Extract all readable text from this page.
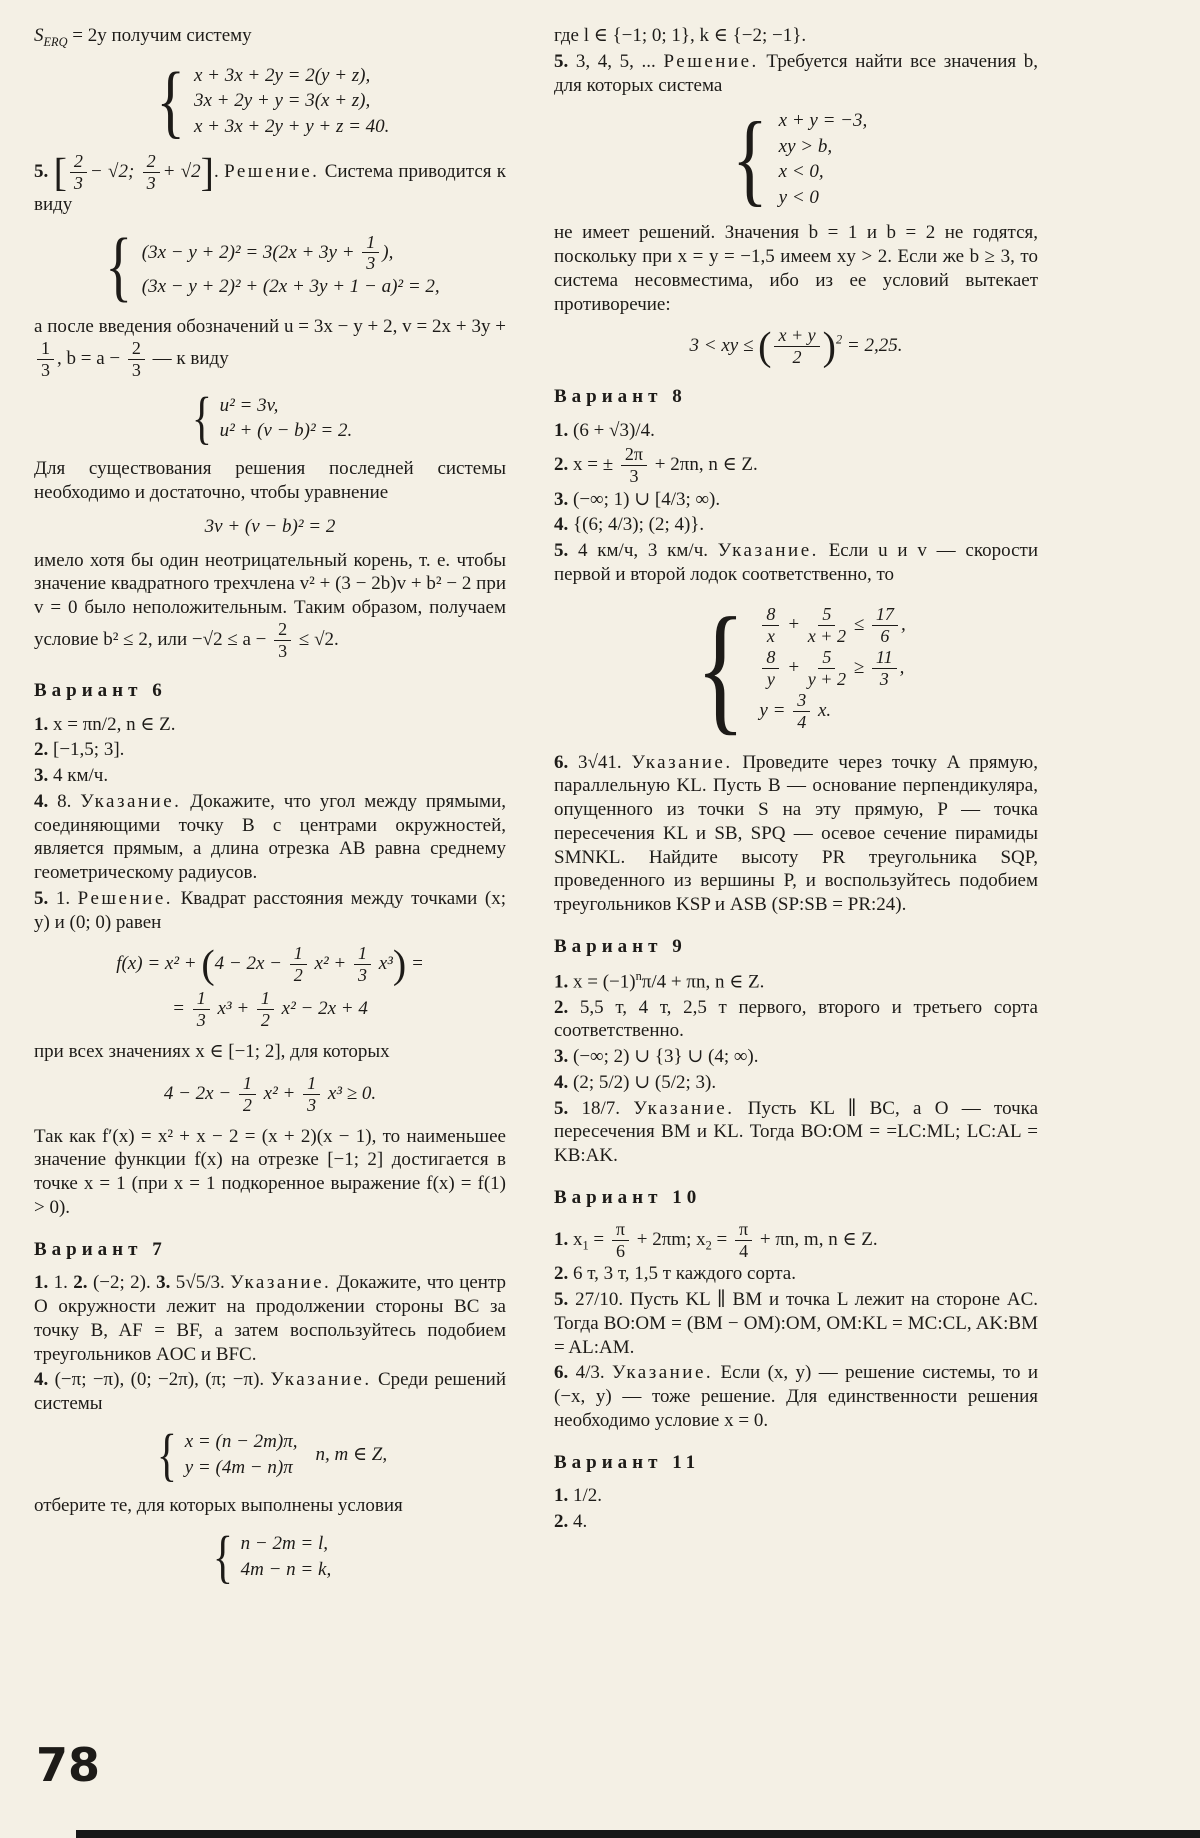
$S_{ERQ} = 2y$ получим систему

{ x + 3x + 2y = 2(y + z),
3x + 2y + y = 3(x + z),
x + 3x + 2y + y + z = 40.

5. [ $\frac{2}{3} - √2$; $\frac{2}{3} + √2$]. Решение. Система приводится к виду

{ $(3x - y + 2)^2 = 3(2x + 3y + \frac{1}{3}$ ),
(3x − y + 2)² + (2x + 3y + 1 − a)² = 2,

а после введения обозначений u = 3x − y + 2, v = 2x + 3y +
$\frac{1}{3}$ , $b = a - \frac{2}{3}$ — к виду

{ u² = 3v,
u² + (v − b)² = 2.

Для существования решения последней системы необходимо и достаточно, чтобы уравнение

3v + (v − b)² = 2

имело хотя бы один неотрицательный корень, т. е. чтобы значение квадратного трехчлена v² + (3 − 2b)v + b² − 2 при v = 0 было неположительным. Таким образом, получаем условие b² ≤ 2, или $-√2 \le a - \frac{2}{3} \le √2$.

Вариант 6

1. x = πn/2, n ∈ Z.

2. [−1,5; 3].

3. 4 км/ч.

4. 8. Указание. Докажите, что угол между прямыми, соединяющими точку B с центрами окружностей, является прямым, а длина отрезка AB равна среднему геометрическому радиусов.

5. 1. Решение. Квадрат расстояния между точками (x; y) и (0; 0) равен

$f(x) = x^2 + (4 - 2x - \frac{1}{2} x^2 + \frac{1}{3} x^3)$ =
= $\frac{1}{3} x^3 + \frac{1}{2} x^2 - 2x + 4$

при всех значениях x ∈ [−1; 2], для которых

$4 - 2x - \frac{1}{2} x^2 + \frac{1}{3} x^3 \ge 0$.

Так как f′(x) = x² + x − 2 = (x + 2)(x − 1), то наименьшее значение функции f(x) на отрезке [−1; 2] достигается в точке x = 1 (при x = 1 подкоренное выражение f(x) = f(1) > 0).

Вариант 7

1. 1. 2. (−2; 2). 3. 5√5/3. Указание. Докажите, что центр O окружности лежит на продолжении стороны BC за точку B, AF = BF, а затем воспользуйтесь подобием треугольников AOC и BFC.

4. (−π; −π), (0; −2π), (π; −π). Указание. Среди решений системы

{ x = (n − 2m)π,
y = (4m − n)π
n, m ∈ Z,

отберите те, для которых выполнены условия

{ n − 2m = l,
4m − n = k,

где l ∈ {−1; 0; 1}, k ∈ {−2; −1}.

5. 3, 4, 5, ... Решение. Требуется найти все значения b, для которых система

{ x + y = −3,
xy > b,
x < 0,
y < 0

не имеет решений. Значения b = 1 и b = 2 не годятся, поскольку при x = y = −1,5 имеем xy > 2. Если же b ≥ 3, то система несовместима, ибо из ее условий вытекает противоречие:

3 < xy ≤ ( $\frac{x + y}{2} )^2 = 2,25$.
Вариант 8

1. (6 + √3)/4.

2. x = ± $\frac{2\pi}{3} + 2\pi n$, n ∈ Z.

3. (−∞; 1) ∪ [4/3; ∞).

4. {(6; 4/3); (2; 4)}.

5. 4 км/ч, 3 км/ч. Указание. Если u и v — скорости первой и второй лодок соответственно, то

{ $\frac{8}{x} + \frac{5}{x + 2} \le \frac{17}{6}$ ,
$\frac{8}{y} + \frac{5}{y + 2} \ge \frac{11}{3}$ ,
$y = \frac{3}{4} x$.

6. 3√41. Указание. Проведите через точку A прямую, параллельную KL. Пусть B — основание перпендикуляра, опущенного из точки S на эту прямую, P — точка пересечения KL и SB, SPQ — осевое сечение пирамиды SMNKL. Найдите высоту PR треугольника SQP, проведенного из вершины P, и воспользуйтесь подобием треугольников KSP и ASB (SP:SB = PR:24).

Вариант 9

1. $x = (-1)^n\pi/4 + \pi n$, n ∈ Z.

2. 5,5 т, 4 т, 2,5 т первого, второго и третьего сорта соответственно.

3. (−∞; 2) ∪ {3} ∪ (4; ∞).

4. (2; 5/2) ∪ (5/2; 3).

5. 18/7. Указание. Пусть KL ∥ BC, а O — точка пересечения BM и KL. Тогда BO:OM = =LC:ML; LC:AL = KB:AK.

Вариант 10

1. $x_1 = \frac{\pi}{6} + 2\pi m$; $x_2 = \frac{\pi}{4} + \pi n$, m, n ∈ Z.

2. 6 т, 3 т, 1,5 т каждого сорта.

5. 27/10. Пусть KL ∥ BM и точка L лежит на стороне AC. Тогда BO:OM = (BM − OM):OM, OM:KL = MC:CL, AK:BM = AL:AM.

6. 4/3. Указание. Если (x, y) — решение системы, то и (−x, y) — тоже решение. Для единственности решения необходимо условие x = 0.

Вариант 11

1. 1/2.

2. 4.

78
